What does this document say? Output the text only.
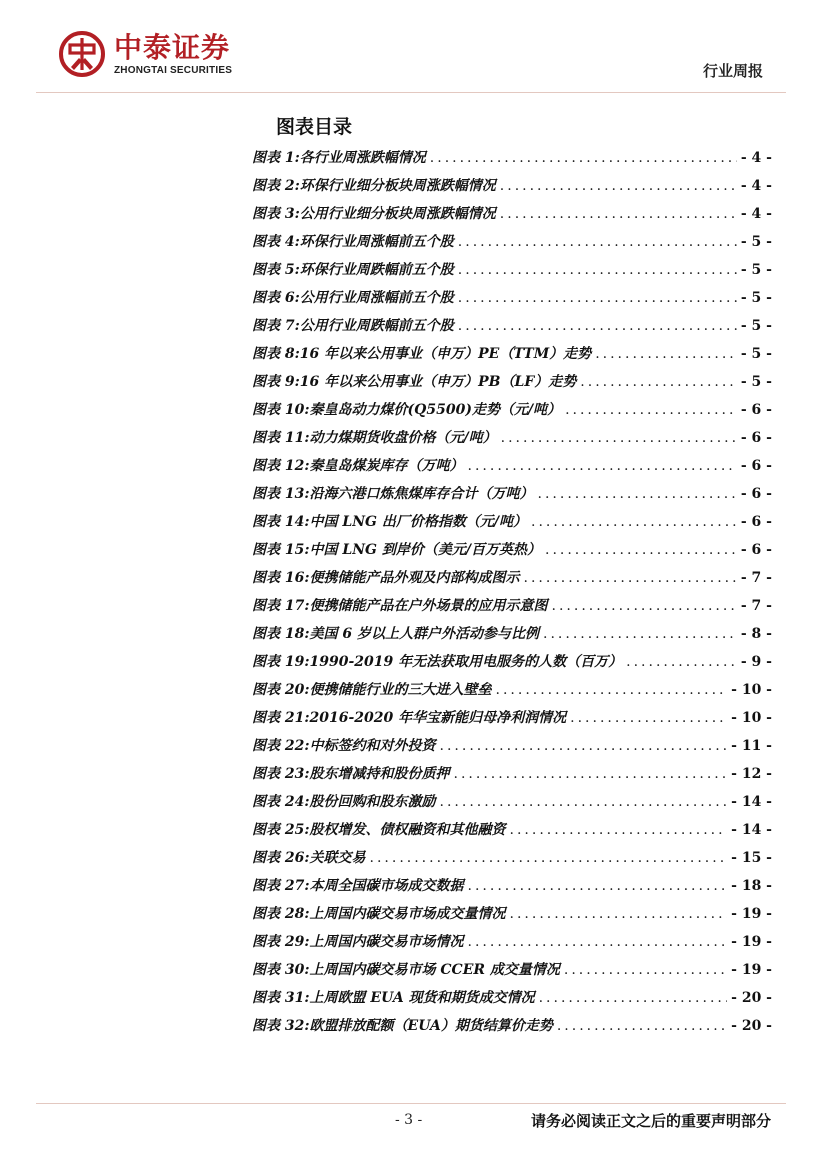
中泰证券
ZHONGTAI SECURITIES	行业周报
图表目录
图表 1: 各行业周涨跌幅情况 .....	- 4 -
图表 2: 环保行业细分板块周涨跌幅情况 .....	- 4 -
图表 3: 公用行业细分板块周涨跌幅情况 .....	- 4 -
图表 4: 环保行业周涨幅前五个股 .....	- 5 -
图表 5: 环保行业周跌幅前五个股 .....	- 5 -
图表 6: 公用行业周涨幅前五个股 .....	- 5 -
图表 7: 公用行业周跌幅前五个股 .....	- 5 -
图表 8: 16 年以来公用事业（申万）PE（TTM）走势 .....	- 5 -
图表 9: 16 年以来公用事业（申万）PB（LF）走势 .....	- 5 -
图表 10: 秦皇岛动力煤价(Q5500)走势（元/吨） .....	- 6 -
图表 11: 动力煤期货收盘价格（元/吨） .....	- 6 -
图表 12: 秦皇岛煤炭库存（万吨） .....	- 6 -
图表 13: 沿海六港口炼焦煤库存合计（万吨） .....	- 6 -
图表 14: 中国 LNG 出厂价格指数（元/吨） .....	- 6 -
图表 15: 中国 LNG 到岸价（美元/百万英热） .....	- 6 -
图表 16: 便携储能产品外观及内部构成图示 .....	- 7 -
图表 17: 便携储能产品在户外场景的应用示意图 .....	- 7 -
图表 18: 美国 6 岁以上人群户外活动参与比例 .....	- 8 -
图表 19: 1990-2019 年无法获取用电服务的人数（百万） .....	- 9 -
图表 20: 便携储能行业的三大进入壁垒 .....	- 10 -
图表 21: 2016-2020 年华宝新能归母净利润情况 .....	- 10 -
图表 22: 中标签约和对外投资 .....	- 11 -
图表 23: 股东增减持和股份质押 .....	- 12 -
图表 24: 股份回购和股东激励 .....	- 14 -
图表 25: 股权增发、债权融资和其他融资 .....	- 14 -
图表 26: 关联交易 .....	- 15 -
图表 27: 本周全国碳市场成交数据 .....	- 18 -
图表 28: 上周国内碳交易市场成交量情况 .....	- 19 -
图表 29: 上周国内碳交易市场情况 .....	- 19 -
图表 30: 上周国内碳交易市场 CCER 成交量情况 .....	- 19 -
图表 31: 上周欧盟 EUA 现货和期货成交情况 .....	- 20 -
图表 32: 欧盟排放配额（EUA）期货结算价走势 .....	- 20 -
- 3 -	请务必阅读正文之后的重要声明部分
